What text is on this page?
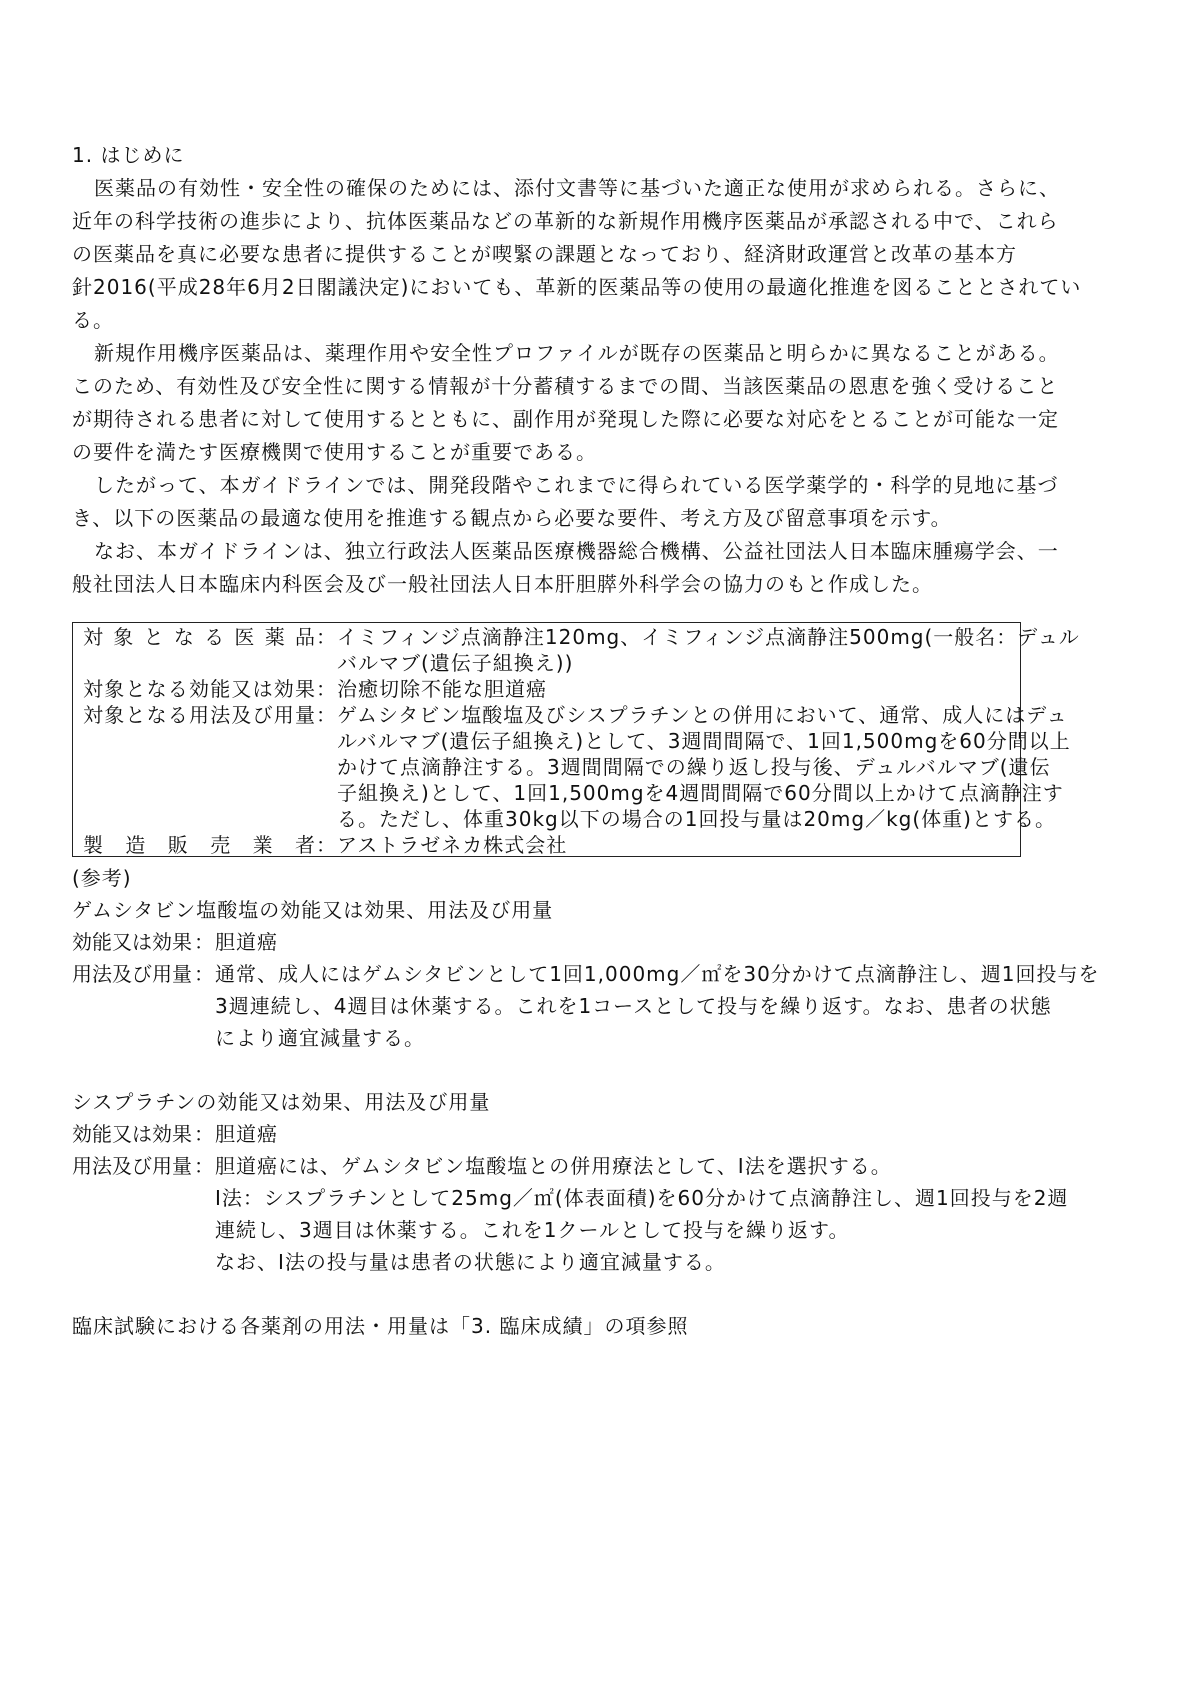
1. はじめに
医薬品の有効性・安全性の確保のためには、添付文書等に基づいた適正な使用が求められる。さらに、
近年の科学技術の進歩により、抗体医薬品などの革新的な新規作用機序医薬品が承認される中で、これら
の医薬品を真に必要な患者に提供することが喫緊の課題となっており、経済財政運営と改革の基本方
針2016(平成28年6月2日閣議決定)においても、革新的医薬品等の使用の最適化推進を図ることとされてい
る。
新規作用機序医薬品は、薬理作用や安全性プロファイルが既存の医薬品と明らかに異なることがある。
このため、有効性及び安全性に関する情報が十分蓄積するまでの間、当該医薬品の恩恵を強く受けること
が期待される患者に対して使用するとともに、副作用が発現した際に必要な対応をとることが可能な一定
の要件を満たす医療機関で使用することが重要である。
したがって、本ガイドラインでは、開発段階やこれまでに得られている医学薬学的・科学的見地に基づ
き、以下の医薬品の最適な使用を推進する観点から必要な要件、考え方及び留意事項を示す。
なお、本ガイドラインは、独立行政法人医薬品医療機器総合機構、公益社団法人日本臨床腫瘍学会、一
般社団法人日本臨床内科医会及び一般社団法人日本肝胆膵外科学会の協力のもと作成した。
対象となる医薬品 ： イミフィンジ点滴静注120mg、イミフィンジ点滴静注500mg(一般名：デュル
バルマブ(遺伝子組換え))
対象となる効能又は効果 ： 治癒切除不能な胆道癌
対象となる用法及び用量 ： ゲムシタビン塩酸塩及びシスプラチンとの併用において、通常、成人にはデュ
ルバルマブ(遺伝子組換え)として、3週間間隔で、1回1,500mgを60分間以上
かけて点滴静注する。3週間間隔での繰り返し投与後、デュルバルマブ(遺伝
子組換え)として、1回1,500mgを4週間間隔で60分間以上かけて点滴静注す
る。ただし、体重30kg以下の場合の1回投与量は20mg／kg(体重)とする。
製造販売業者 ： アストラゼネカ株式会社
(参考)
ゲムシタビン塩酸塩の効能又は効果、用法及び用量
効能又は効果 ： 胆道癌
用法及び用量 ： 通常、成人にはゲムシタビンとして1回1,000mg／㎡を30分かけて点滴静注し、週1回投与を
3週連続し、4週目は休薬する。これを1コースとして投与を繰り返す。なお、患者の状態
により適宜減量する。
シスプラチンの効能又は効果、用法及び用量
効能又は効果 ： 胆道癌
用法及び用量 ： 胆道癌には、ゲムシタビン塩酸塩との併用療法として、Ⅰ法を選択する。
Ⅰ法：シスプラチンとして25mg／㎡(体表面積)を60分かけて点滴静注し、週1回投与を2週
連続し、3週目は休薬する。これを1クールとして投与を繰り返す。
なお、Ⅰ法の投与量は患者の状態により適宜減量する。
臨床試験における各薬剤の用法・用量は「3. 臨床成績」の項参照
